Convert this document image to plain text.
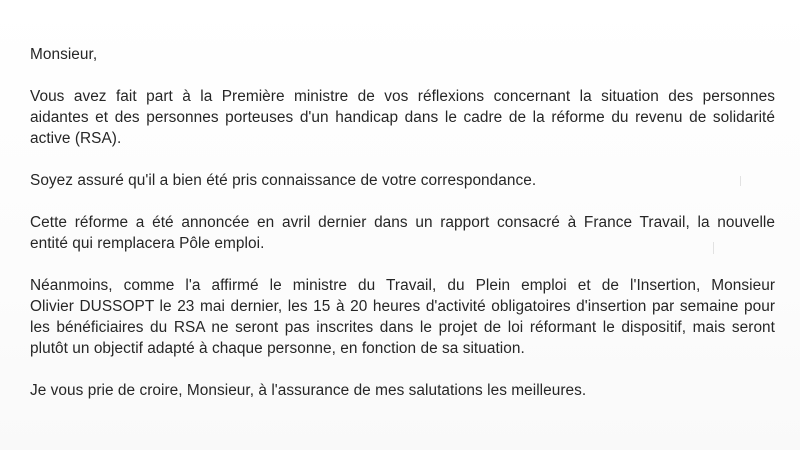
Monsieur,

Vous avez fait part à la Première ministre de vos réflexions concernant la situation des personnes
aidantes et des personnes porteuses d'un handicap dans le cadre de la réforme du revenu de solidarité
active (RSA).

Soyez assuré qu'il a bien été pris connaissance de votre correspondance.

Cette réforme a été annoncée en avril dernier dans un rapport consacré à France Travail, la nouvelle
entité qui remplacera Pôle emploi.

Néanmoins, comme l'a affirmé le ministre du Travail, du Plein emploi et de l'Insertion, Monsieur
Olivier DUSSOPT le 23 mai dernier, les 15 à 20 heures d'activité obligatoires d'insertion par semaine pour
les bénéficiaires du RSA ne seront pas inscrites dans le projet de loi réformant le dispositif, mais seront
plutôt un objectif adapté à chaque personne, en fonction de sa situation.

Je vous prie de croire, Monsieur, à l'assurance de mes salutations les meilleures.
